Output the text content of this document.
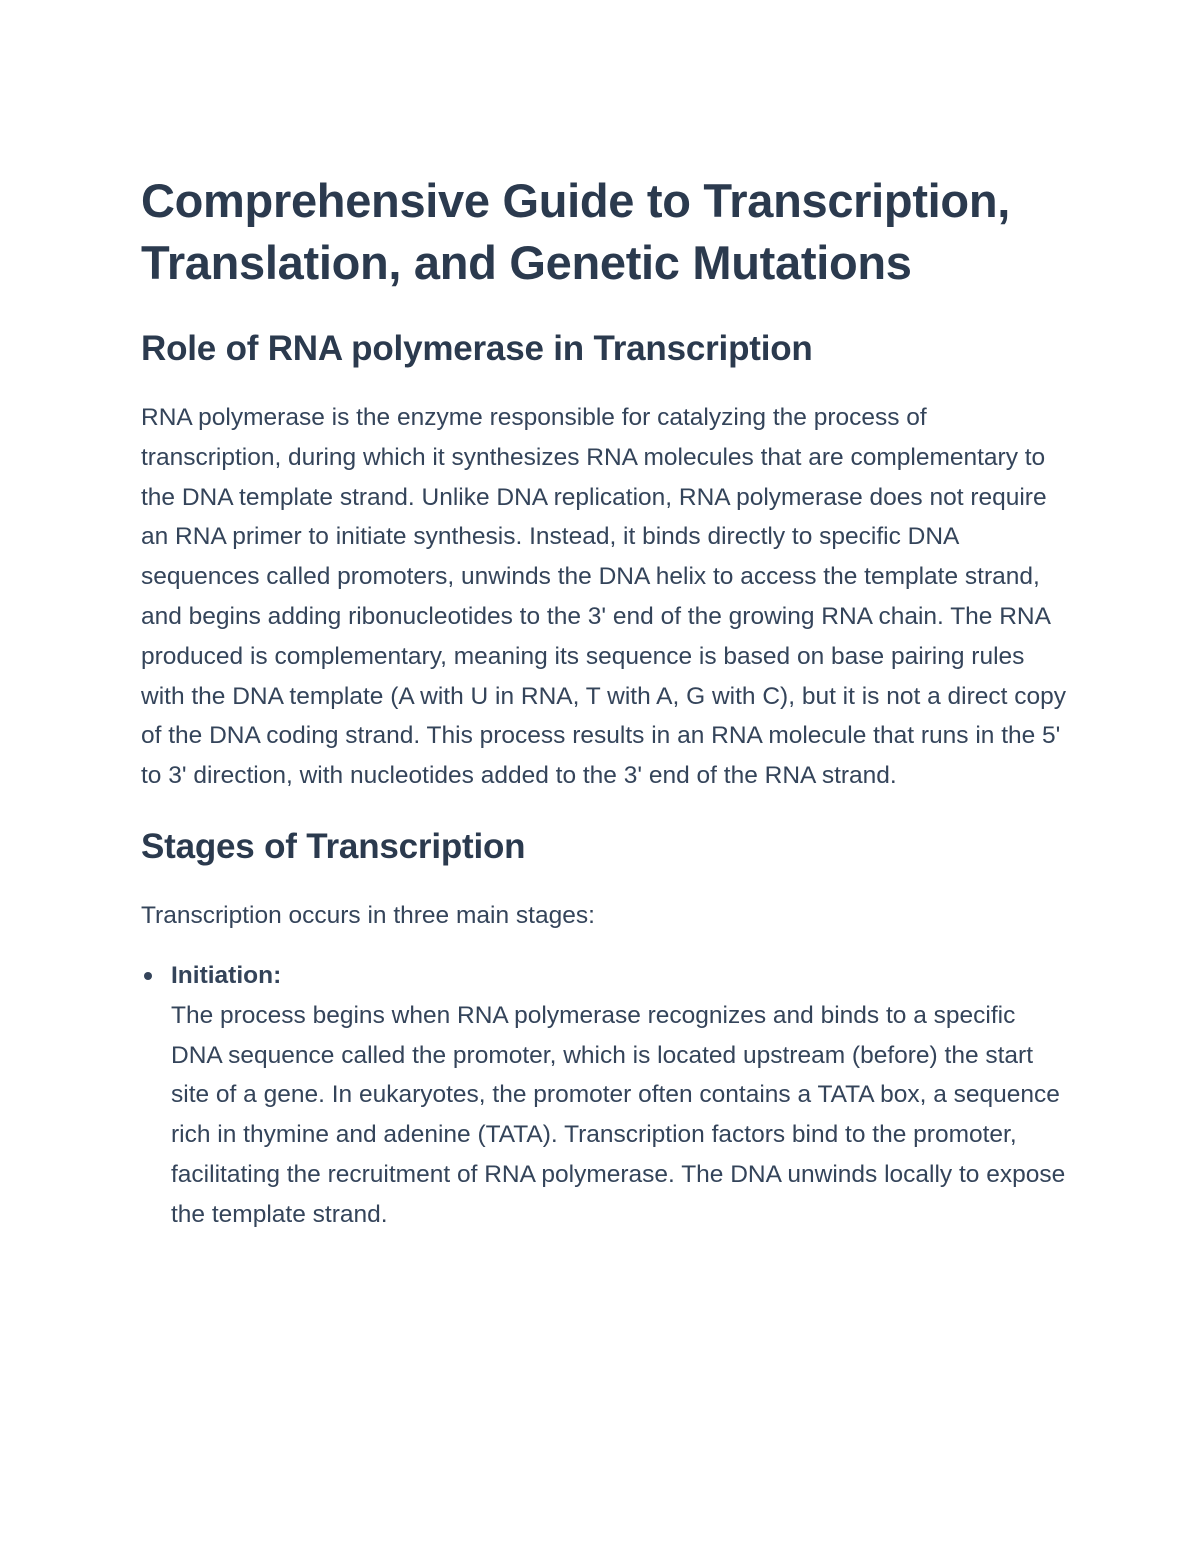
Comprehensive Guide to Transcription, Translation, and Genetic Mutations
Role of RNA polymerase in Transcription

RNA polymerase is the enzyme responsible for catalyzing the process of transcription, during which it synthesizes RNA molecules that are complementary to the DNA template strand. Unlike DNA replication, RNA polymerase does not require an RNA primer to initiate synthesis. Instead, it binds directly to specific DNA sequences called promoters, unwinds the DNA helix to access the template strand, and begins adding ribonucleotides to the 3' end of the growing RNA chain. The RNA produced is complementary, meaning its sequence is based on base pairing rules with the DNA template (A with U in RNA, T with A, G with C), but it is not a direct copy of the DNA coding strand. This process results in an RNA molecule that runs in the 5' to 3' direction, with nucleotides added to the 3' end of the RNA strand.

Stages of Transcription

Transcription occurs in three main stages:

Initiation:
The process begins when RNA polymerase recognizes and binds to a specific DNA sequence called the promoter, which is located upstream (before) the start site of a gene. In eukaryotes, the promoter often contains a TATA box, a sequence rich in thymine and adenine (TATA). Transcription factors bind to the promoter, facilitating the recruitment of RNA polymerase. The DNA unwinds locally to expose the template strand.
